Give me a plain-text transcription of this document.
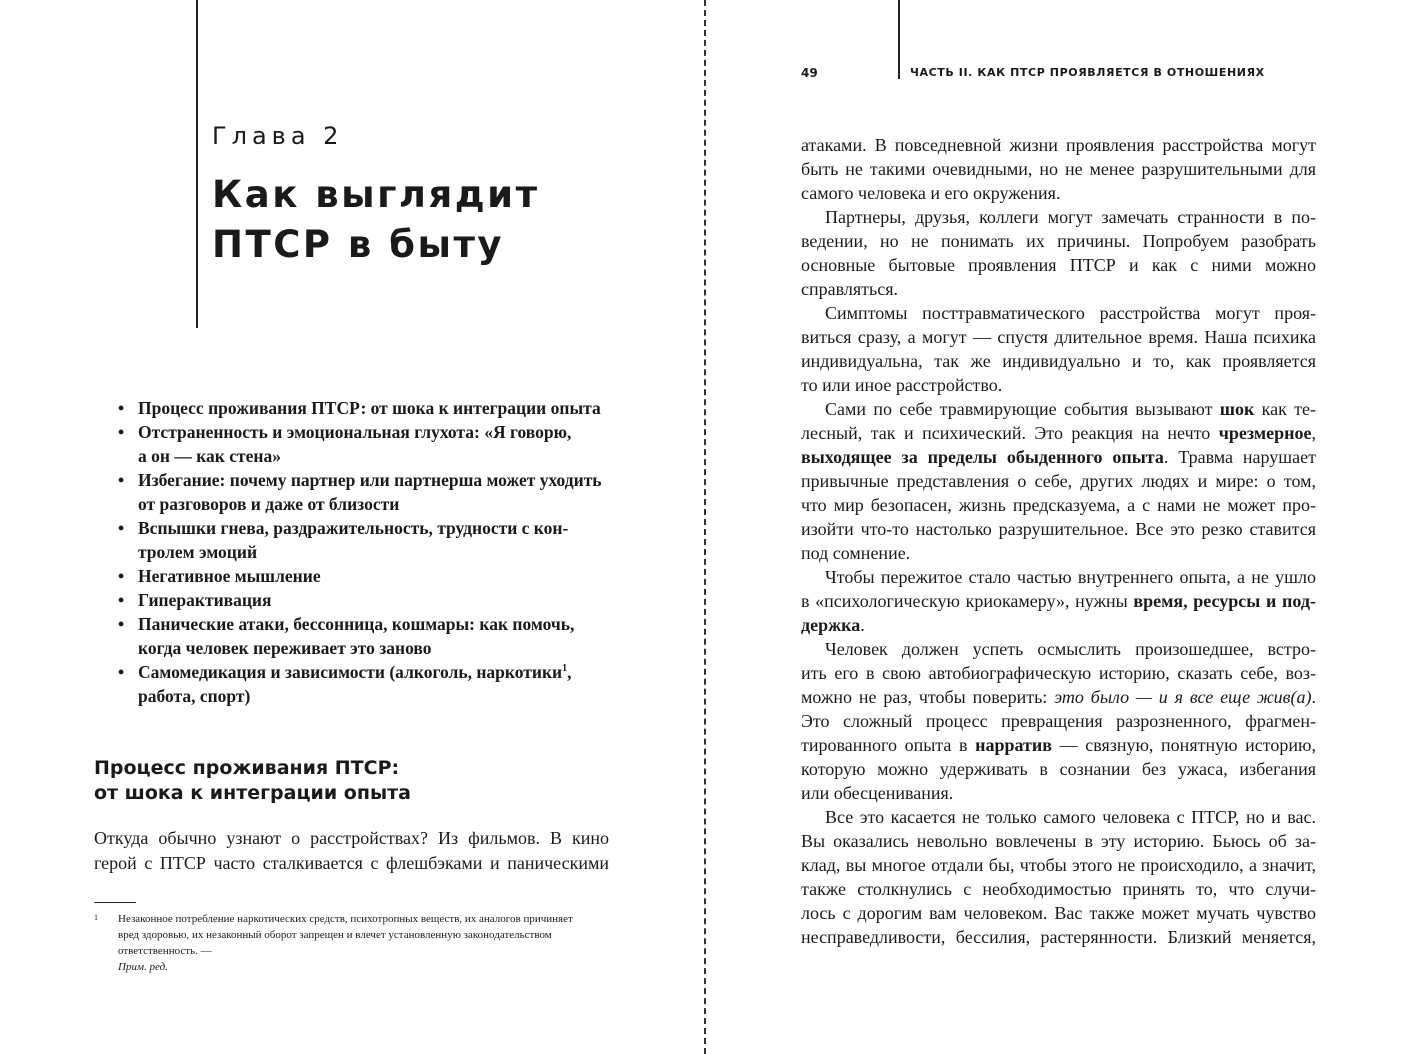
Глава 2
Как выглядит
ПТСР в быту
• Процесс проживания ПТСР: от шока к интеграции опыта
• Отстраненность и эмоциональная глухота: «Я говорю,
а он — как стена»
• Избегание: почему партнер или партнерша может уходить
от разговоров и даже от близости
• Вспышки гнева, раздражительность, трудности с кон-
тролем эмоций
• Негативное мышление
• Гиперактивация
• Панические атаки, бессонница, кошмары: как помочь,
когда человек переживает это заново
• Самомедикация и зависимости (алкоголь, наркотики$^1$,
работа, спорт)
Процесс проживания ПТСР:
от шока к интеграции опыта
Откуда обычно узнают о расстройствах? Из фильмов. В кино
герой с ПТСР часто сталкивается с флешбэками и паническими
1 Незаконное потребление наркотических средств, психотропных веществ, их аналогов причиняет
вред здоровью, их незаконный оборот запрещен и влечет установленную законодательством
ответственность. —
Прим. ред.
49	ЧАСТЬ II. КАК ПТСР ПРОЯВЛЯЕТСЯ В ОТНОШЕНИЯХ
атаками. В повседневной жизни проявления расстройства могут
быть не такими очевидными, но не менее разрушительными для
самого человека и его окружения.
Партнеры, друзья, коллеги могут замечать странности в по-
ведении, но не понимать их причины. Попробуем разобрать
основные бытовые проявления ПТСР и как с ними можно
справляться.
Симптомы посттравматического расстройства могут проя-
виться сразу, а могут — спустя длительное время. Наша психика
индивидуальна, так же индивидуально и то, как проявляется
то или иное расстройство.
Сами по себе травмирующие события вызывают шок как те-
лесный, так и психический. Это реакция на нечто чрезмерное,
выходящее за пределы обыденного опыта. Травма нарушает
привычные представления о себе, других людях и мире: о том,
что мир безопасен, жизнь предсказуема, а с нами не может про-
изойти что-то настолько разрушительное. Все это резко ставится
под сомнение.
Чтобы пережитое стало частью внутреннего опыта, а не ушло
в «психологическую криокамеру», нужны время, ресурсы и под-
держка.
Человек должен успеть осмыслить произошедшее, встро-
ить его в свою автобиографическую историю, сказать себе, воз-
можно не раз, чтобы поверить: это было — и я все еще жив(а).
Это сложный процесс превращения разрозненного, фрагмен-
тированного опыта в нарратив — связную, понятную историю,
которую можно удерживать в сознании без ужаса, избегания
или обесценивания.
Все это касается не только самого человека с ПТСР, но и вас.
Вы оказались невольно вовлечены в эту историю. Бьюсь об за-
клад, вы многое отдали бы, чтобы этого не происходило, а значит,
также столкнулись с необходимостью принять то, что случи-
лось с дорогим вам человеком. Вас также может мучать чувство
несправедливости, бессилия, растерянности. Близкий меняется,
